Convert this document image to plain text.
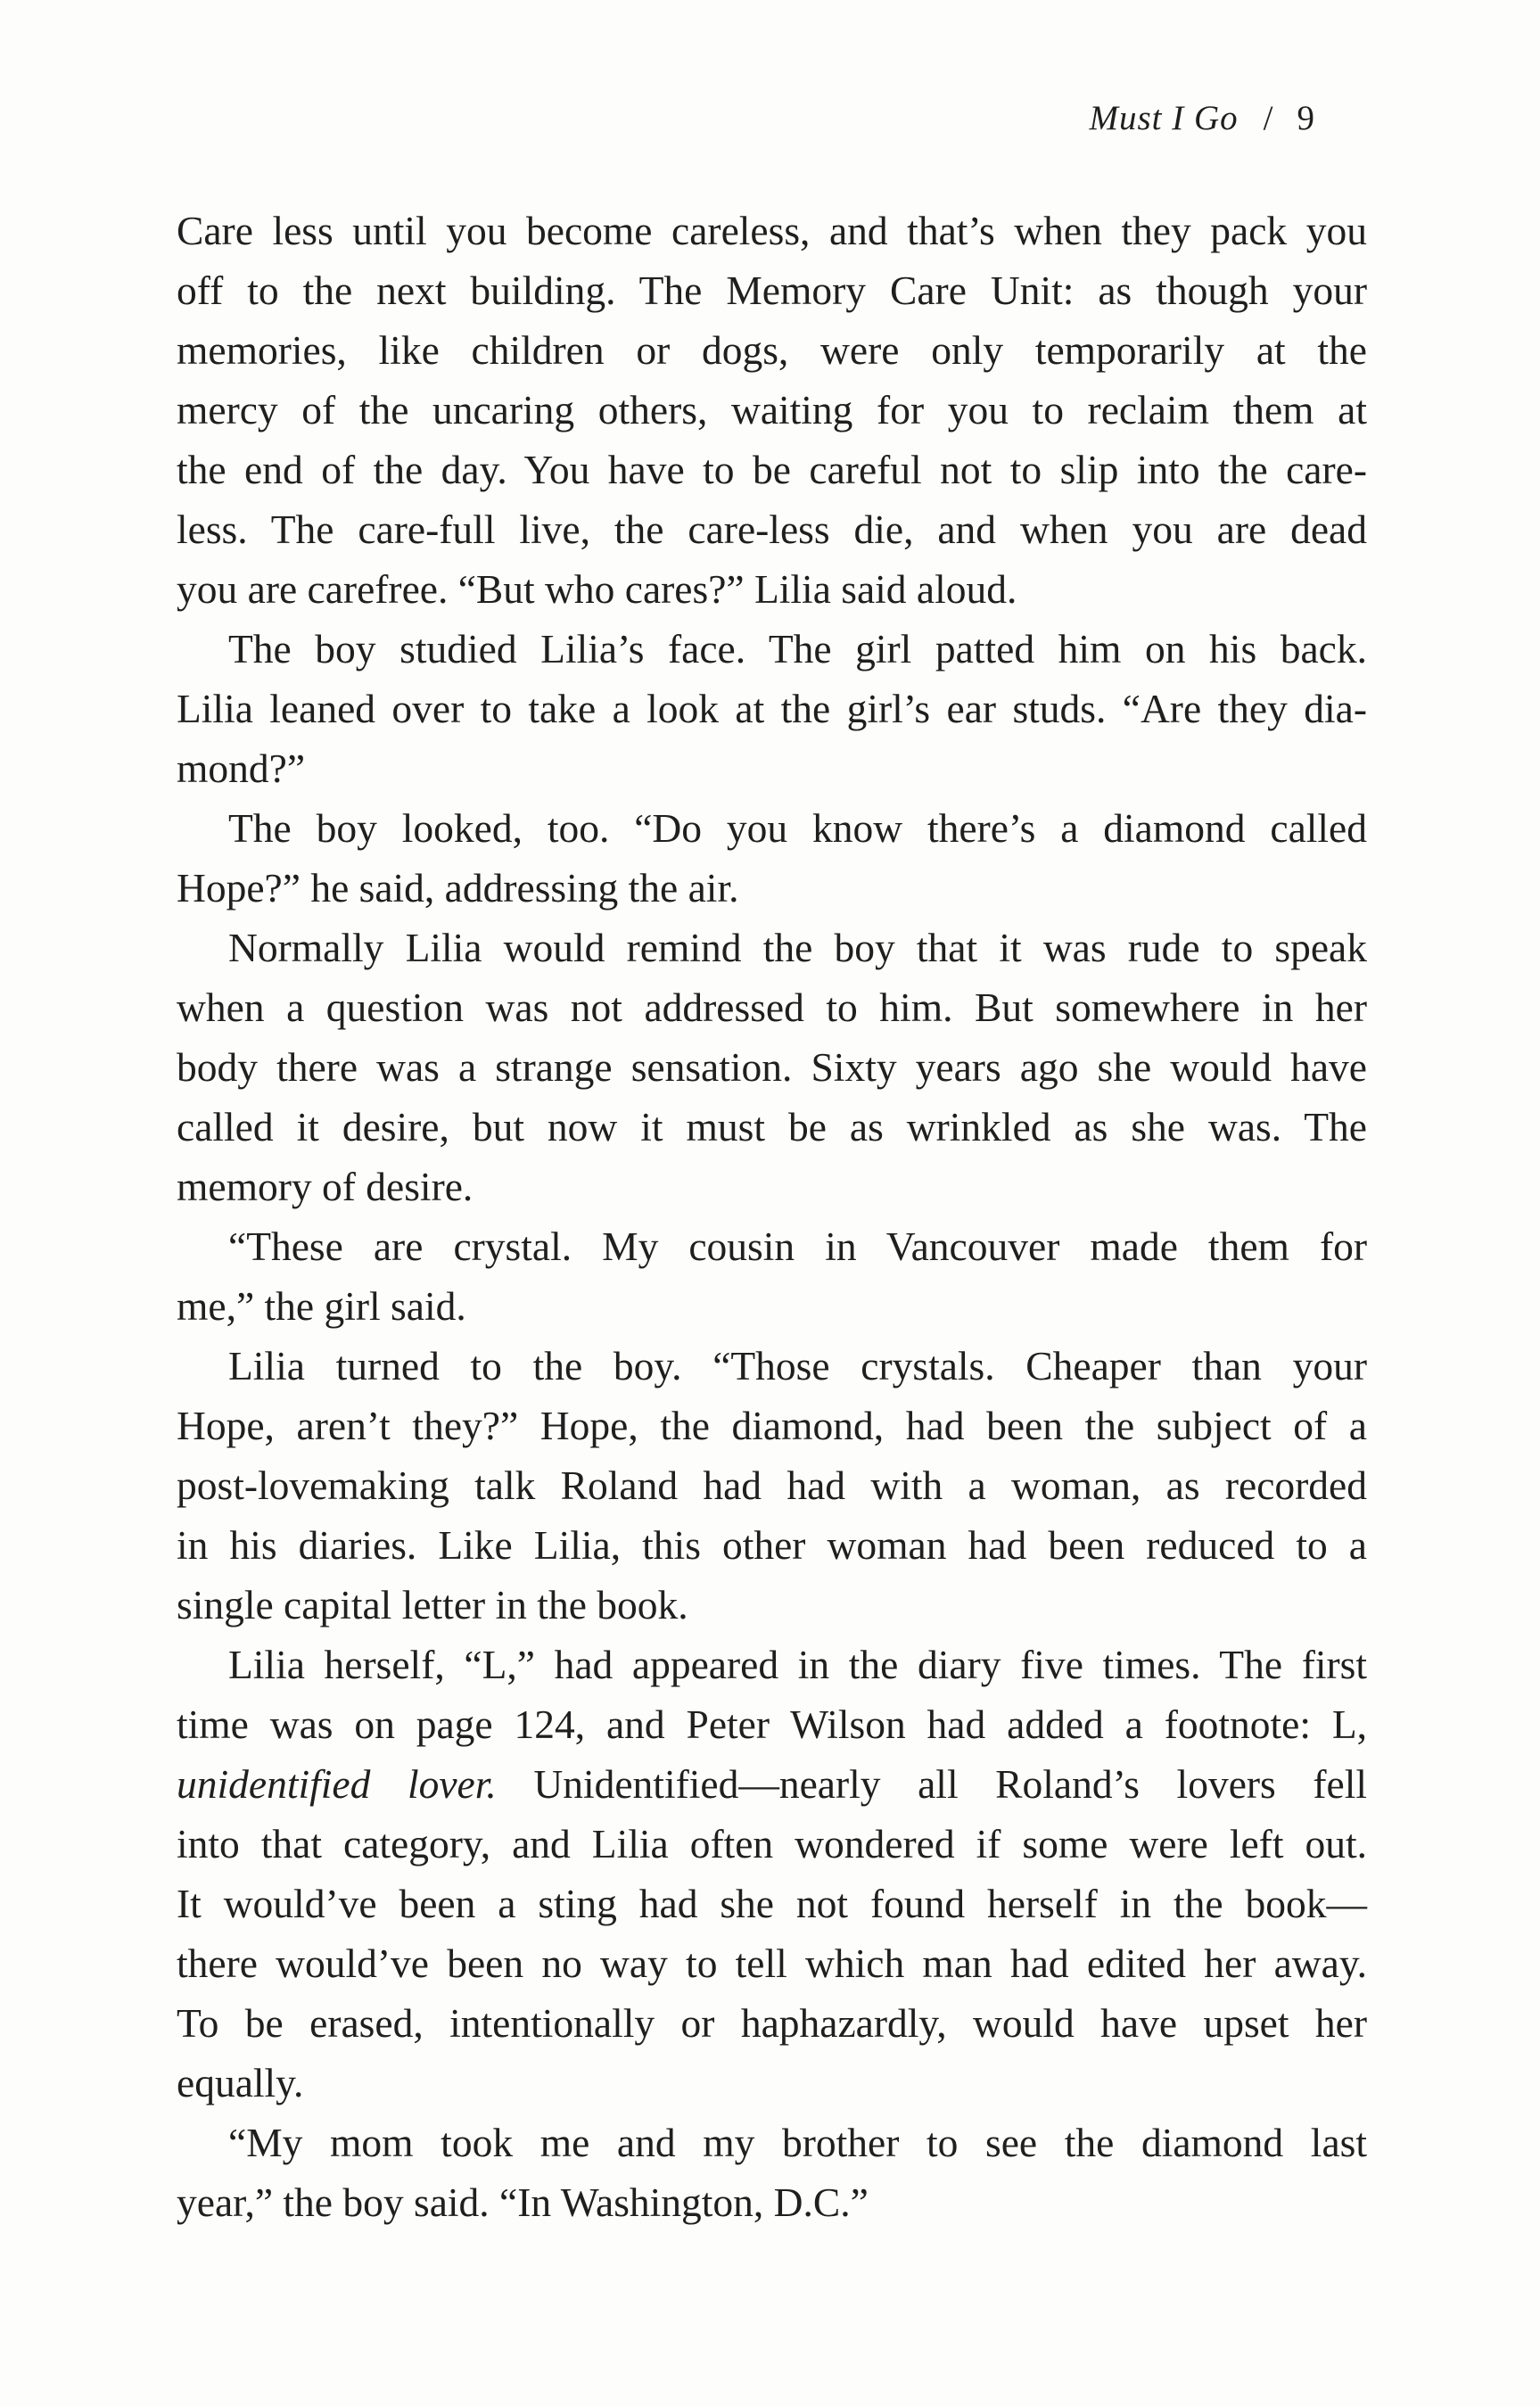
Must I Go / 9
Care less until you become careless, and that’s when they pack you
off to the next building. The Memory Care Unit: as though your
memories, like children or dogs, were only temporarily at the
mercy of the uncaring others, waiting for you to reclaim them at
the end of the day. You have to be careful not to slip into the care-
less. The care-full live, the care-less die, and when you are dead
you are carefree. “But who cares?” Lilia said aloud.
The boy studied Lilia’s face. The girl patted him on his back.
Lilia leaned over to take a look at the girl’s ear studs. “Are they dia-
mond?”
The boy looked, too. “Do you know there’s a diamond called
Hope?” he said, addressing the air.
Normally Lilia would remind the boy that it was rude to speak
when a question was not addressed to him. But somewhere in her
body there was a strange sensation. Sixty years ago she would have
called it desire, but now it must be as wrinkled as she was. The
memory of desire.
“These are crystal. My cousin in Vancouver made them for
me,” the girl said.
Lilia turned to the boy. “Those crystals. Cheaper than your
Hope, aren’t they?” Hope, the diamond, had been the subject of a
post-lovemaking talk Roland had had with a woman, as recorded
in his diaries. Like Lilia, this other woman had been reduced to a
single capital letter in the book.
Lilia herself, “L,” had appeared in the diary five times. The first
time was on page 124, and Peter Wilson had added a footnote: L,
unidentified lover. Unidentified—nearly all Roland’s lovers fell
into that category, and Lilia often wondered if some were left out.
It would’ve been a sting had she not found herself in the book—
there would’ve been no way to tell which man had edited her away.
To be erased, intentionally or haphazardly, would have upset her
equally.
“My mom took me and my brother to see the diamond last
year,” the boy said. “In Washington, D.C.”
